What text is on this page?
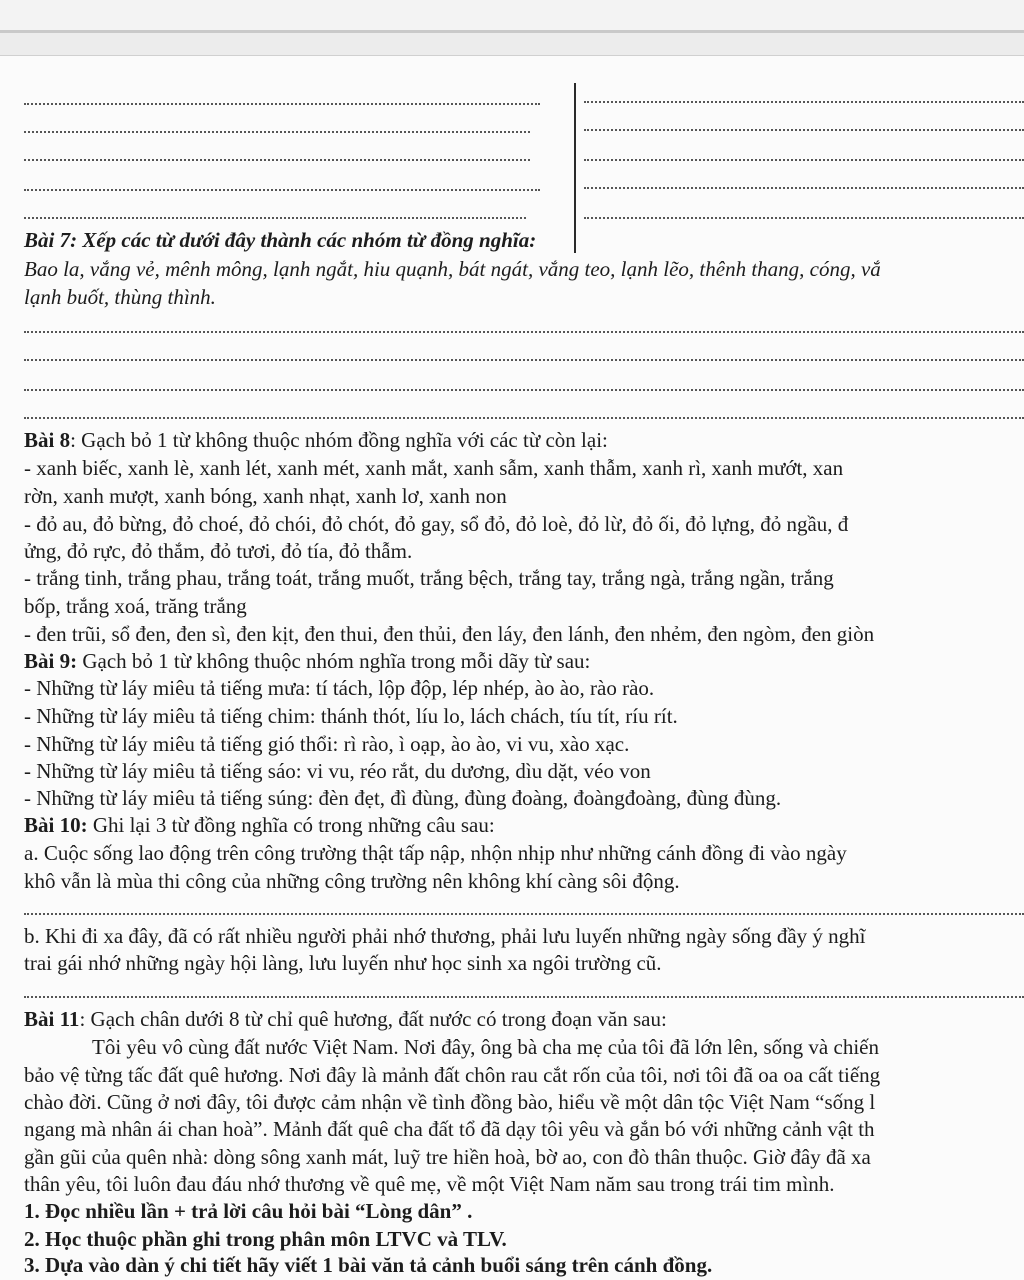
Bài 7: Xếp các từ dưới đây thành các nhóm từ đồng nghĩa:
Bao la, vắng vẻ, mênh mông, lạnh ngắt, hiu quạnh, bát ngát, vắng teo, lạnh lẽo, thênh thang, cóng, vắ
lạnh buốt, thùng thình.
Bài 8: Gạch bỏ 1 từ không thuộc nhóm đồng nghĩa với các từ còn lại:
- xanh biếc, xanh lè, xanh lét, xanh mét, xanh mắt, xanh sẫm, xanh thẫm, xanh rì, xanh mướt, xan
rờn, xanh mượt, xanh bóng, xanh nhạt, xanh lơ, xanh non
- đỏ au, đỏ bừng, đỏ choé, đỏ chói, đỏ chót, đỏ gay, sổ đỏ, đỏ loè, đỏ lừ, đỏ ối, đỏ lựng, đỏ ngầu, đ
ửng, đỏ rực, đỏ thắm, đỏ tươi, đỏ tía, đỏ thẫm.
- trắng tinh, trắng phau, trắng toát, trắng muốt, trắng bệch, trắng tay, trắng ngà, trắng ngần, trắng
bốp, trắng xoá, trăng trắng
- đen trũi, sổ đen, đen sì, đen kịt, đen thui, đen thủi, đen láy, đen lánh, đen nhẻm, đen ngòm, đen giòn
Bài 9: Gạch bỏ 1 từ không thuộc nhóm nghĩa trong mỗi dãy từ sau:
- Những từ láy miêu tả tiếng mưa: tí tách, lộp độp, lép nhép, ào ào, rào rào.
- Những từ láy miêu tả tiếng chim: thánh thót, líu lo, lách chách, tíu tít, ríu rít.
- Những từ láy miêu tả tiếng gió thổi: rì rào, ì oạp, ào ào, vi vu, xào xạc.
- Những từ láy miêu tả tiếng sáo: vi vu, réo rắt, du dương, dìu dặt, véo von
- Những từ láy miêu tả tiếng súng: đèn đẹt, đì đùng, đùng đoàng, đoàngđoàng, đùng đùng.
Bài 10: Ghi lại 3 từ đồng nghĩa có trong những câu sau:
a. Cuộc sống lao động trên công trường thật tấp nập, nhộn nhịp như những cánh đồng đi vào ngày
khô vẫn là mùa thi công của những công trường nên không khí càng sôi động.
b. Khi đi xa đây, đã có rất nhiều người phải nhớ thương, phải lưu luyến những ngày sống đầy ý nghĩ
trai gái nhớ những ngày hội làng, lưu luyến như học sinh xa ngôi trường cũ.
Bài 11: Gạch chân dưới 8 từ chỉ quê hương, đất nước có trong đoạn văn sau:
Tôi yêu vô cùng đất nước Việt Nam. Nơi đây, ông bà cha mẹ của tôi đã lớn lên, sống và chiến
bảo vệ từng tấc đất quê hương. Nơi đây là mảnh đất chôn rau cắt rốn của tôi, nơi tôi đã oa oa cất tiếng
chào đời. Cũng ở nơi đây, tôi được cảm nhận về tình đồng bào, hiểu về một dân tộc Việt Nam “sống l
ngang mà nhân ái chan hoà”. Mảnh đất quê cha đất tổ đã dạy tôi yêu và gắn bó với những cảnh vật th
gần gũi của quên nhà: dòng sông xanh mát, luỹ tre hiền hoà, bờ ao, con đò thân thuộc. Giờ đây đã xa
thân yêu, tôi luôn đau đáu nhớ thương về quê mẹ, về một Việt Nam năm sau trong trái tim mình.
1. Đọc nhiều lần + trả lời câu hỏi bài “Lòng dân” .
2. Học thuộc phần ghi trong phân môn LTVC và TLV.
3. Dựa vào dàn ý chi tiết hãy viết 1 bài văn tả cảnh buổi sáng trên cánh đồng.
